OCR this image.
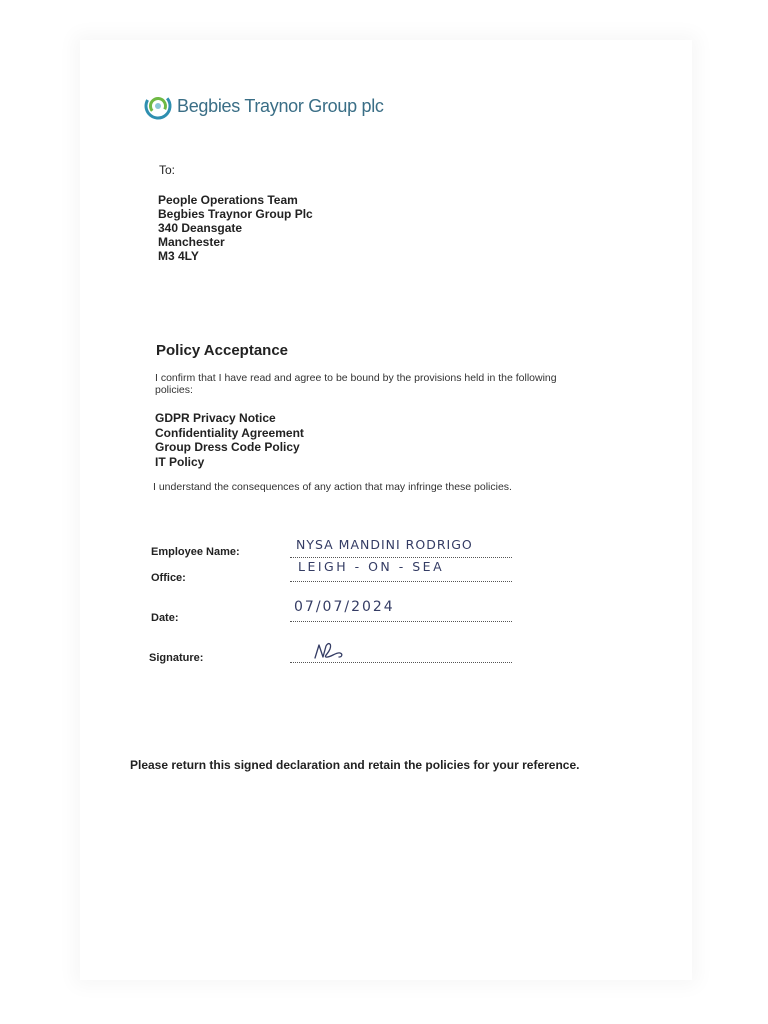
Begbies Traynor Group plc
To:
People Operations Team
Begbies Traynor Group Plc
340 Deansgate
Manchester
M3 4LY
Policy Acceptance
I confirm that I have read and agree to be bound by the provisions held in the following policies:
GDPR Privacy Notice
Confidentiality Agreement
Group Dress Code Policy
IT Policy
I understand the consequences of any action that may infringe these policies.
Employee Name:	NYSA MANDINI RODRIGO
Office:
LEIGH - ON - SEA
Date:
07/07/2024
Signature:
Please return this signed declaration and retain the policies for your reference.
